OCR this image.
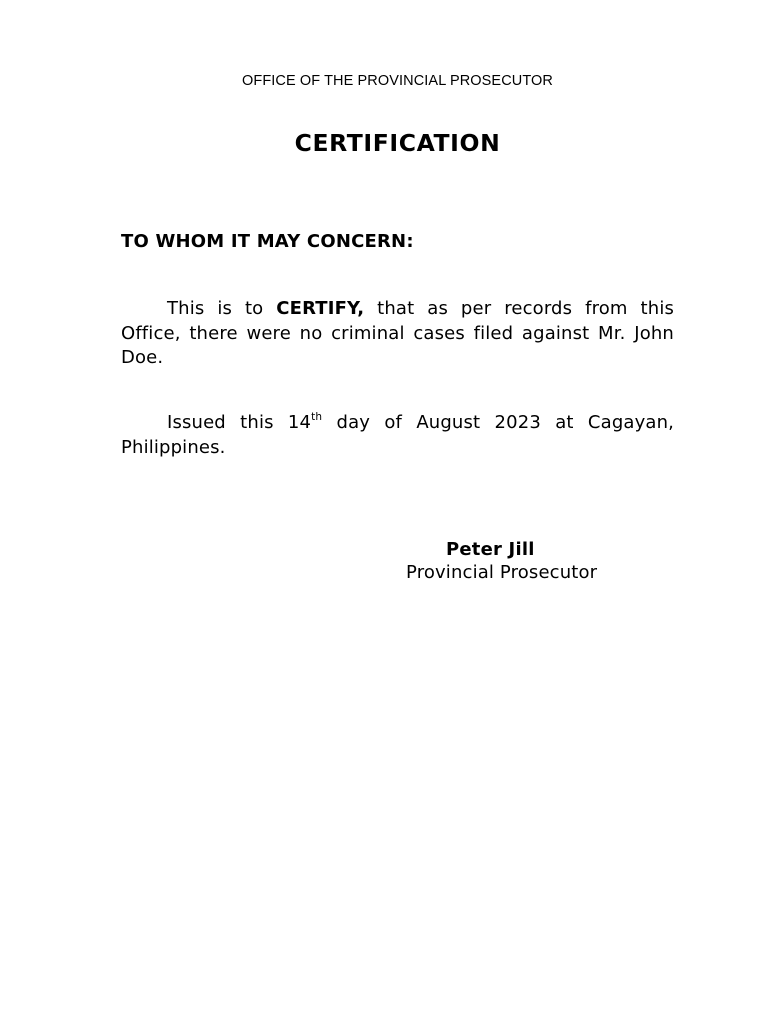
OFFICE OF THE PROVINCIAL PROSECUTOR
CERTIFICATION
TO WHOM IT MAY CONCERN:

This is to CERTIFY, that as per records from this Office, there were no criminal cases filed against Mr. John Doe.

Issued this 14th day of August 2023 at Cagayan, Philippines.

Peter Jill
Provincial Prosecutor
